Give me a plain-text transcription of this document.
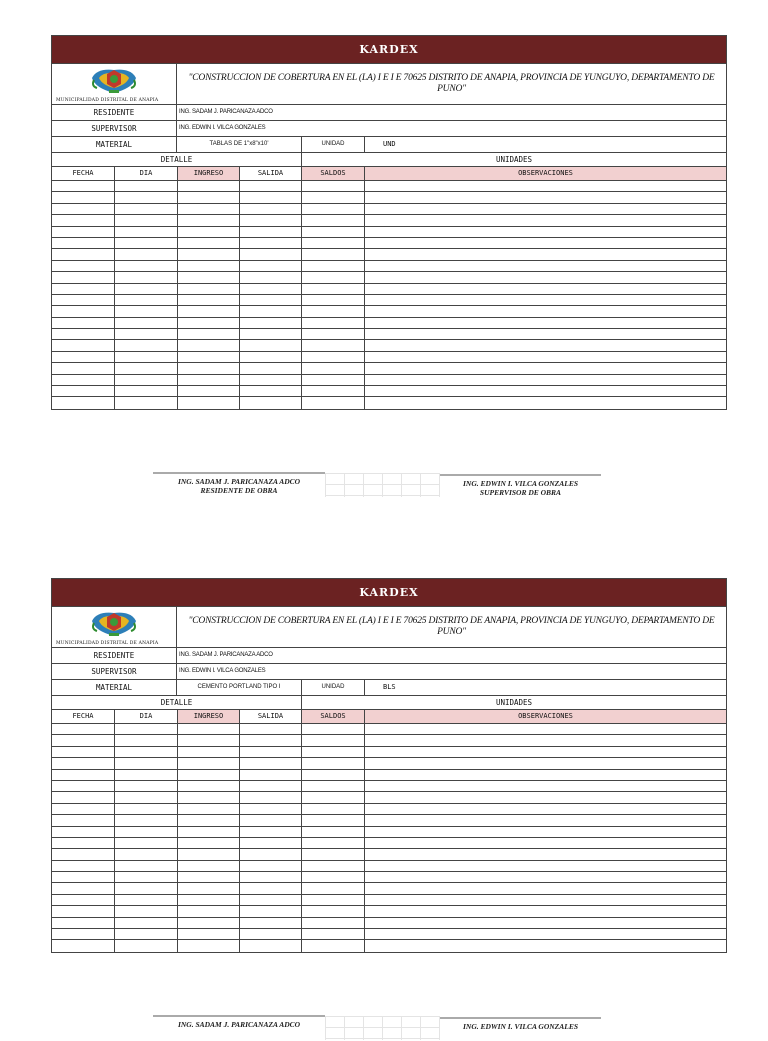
KARDEX
MUNICIPALIDAD DISTRITAL DE ANAPIA
"CONSTRUCCION DE COBERTURA EN EL (LA) I E I E 70625 DISTRITO DE ANAPIA, PROVINCIA DE YUNGUYO, DEPARTAMENTO DE PUNO"
RESIDENTE	ING. SADAM J. PARICANAZA ADCO
SUPERVISOR	ING. EDWIN I. VILCA GONZALES
MATERIAL	TABLAS DE 1"x8"x10'	UNIDAD	UND
DETALLE	UNIDADES
FECHA	DIA	INGRESO	SALIDA	SALDOS	OBSERVACIONES
ING. SADAM J. PARICANAZA ADCO
RESIDENTE DE OBRA
ING. EDWIN I. VILCA GONZALES
SUPERVISOR DE OBRA
KARDEX
MUNICIPALIDAD DISTRITAL DE ANAPIA
"CONSTRUCCION DE COBERTURA EN EL (LA) I E I E 70625 DISTRITO DE ANAPIA, PROVINCIA DE YUNGUYO, DEPARTAMENTO DE PUNO"
RESIDENTE	ING. SADAM J. PARICANAZA ADCO
SUPERVISOR	ING. EDWIN I. VILCA GONZALES
MATERIAL	CEMENTO PORTLAND TIPO I	UNIDAD	BLS
DETALLE	UNIDADES
FECHA	DIA	INGRESO	SALIDA	SALDOS	OBSERVACIONES
ING. SADAM J. PARICANAZA ADCO	ING. EDWIN I. VILCA GONZALES
